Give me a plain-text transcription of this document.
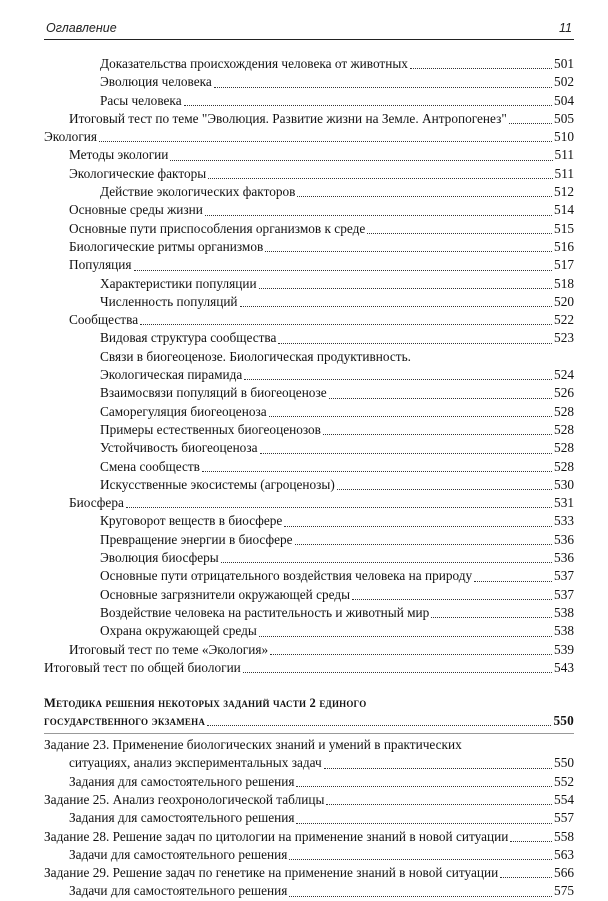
Оглавление	11
Доказательства происхождения человека от животных	501
Эволюция человека	502
Расы человека	504
Итоговый тест по теме "Эволюция. Развитие жизни на Земле. Антропогенез"	505
Экология	510
Методы экологии	511
Экологические факторы	511
Действие экологических факторов	512
Основные среды жизни	514
Основные пути приспособления организмов к среде	515
Биологические ритмы организмов	516
Популяция	517
Характеристики популяции	518
Численность популяций	520
Сообщества	522
Видовая структура сообщества	523
Связи в биогеоценозе. Биологическая продуктивность.
Экологическая пирамида	524
Взаимосвязи популяций в биогеоценозе	526
Саморегуляция биогеоценоза	528
Примеры естественных биогеоценозов	528
Устойчивость биогеоценоза	528
Смена сообществ	528
Искусственные экосистемы (агроценозы)	530
Биосфера	531
Круговорот веществ в биосфере	533
Превращение энергии в биосфере	536
Эволюция биосферы	536
Основные пути отрицательного воздействия человека на природу	537
Основные загрязнители окружающей среды	537
Воздействие человека на растительность и животный мир	538
Охрана окружающей среды	538
Итоговый тест по теме «Экология»	539
Итоговый тест по общей биологии	543
Методика решения некоторых заданий части 2 единого
государственного экзамена	550
Задание 23. Применение биологических знаний и умений в практических
ситуациях, анализ экспериментальных задач	550
Задания для самостоятельного решения	552
Задание 25. Анализ геохронологической таблицы	554
Задания для самостоятельного решения	557
Задание 28. Решение задач по цитологии на применение знаний в новой ситуации	558
Задачи для самостоятельного решения	563
Задание 29. Решение задач по генетике на применение знаний в новой ситуации	566
Задачи для самостоятельного решения	575
